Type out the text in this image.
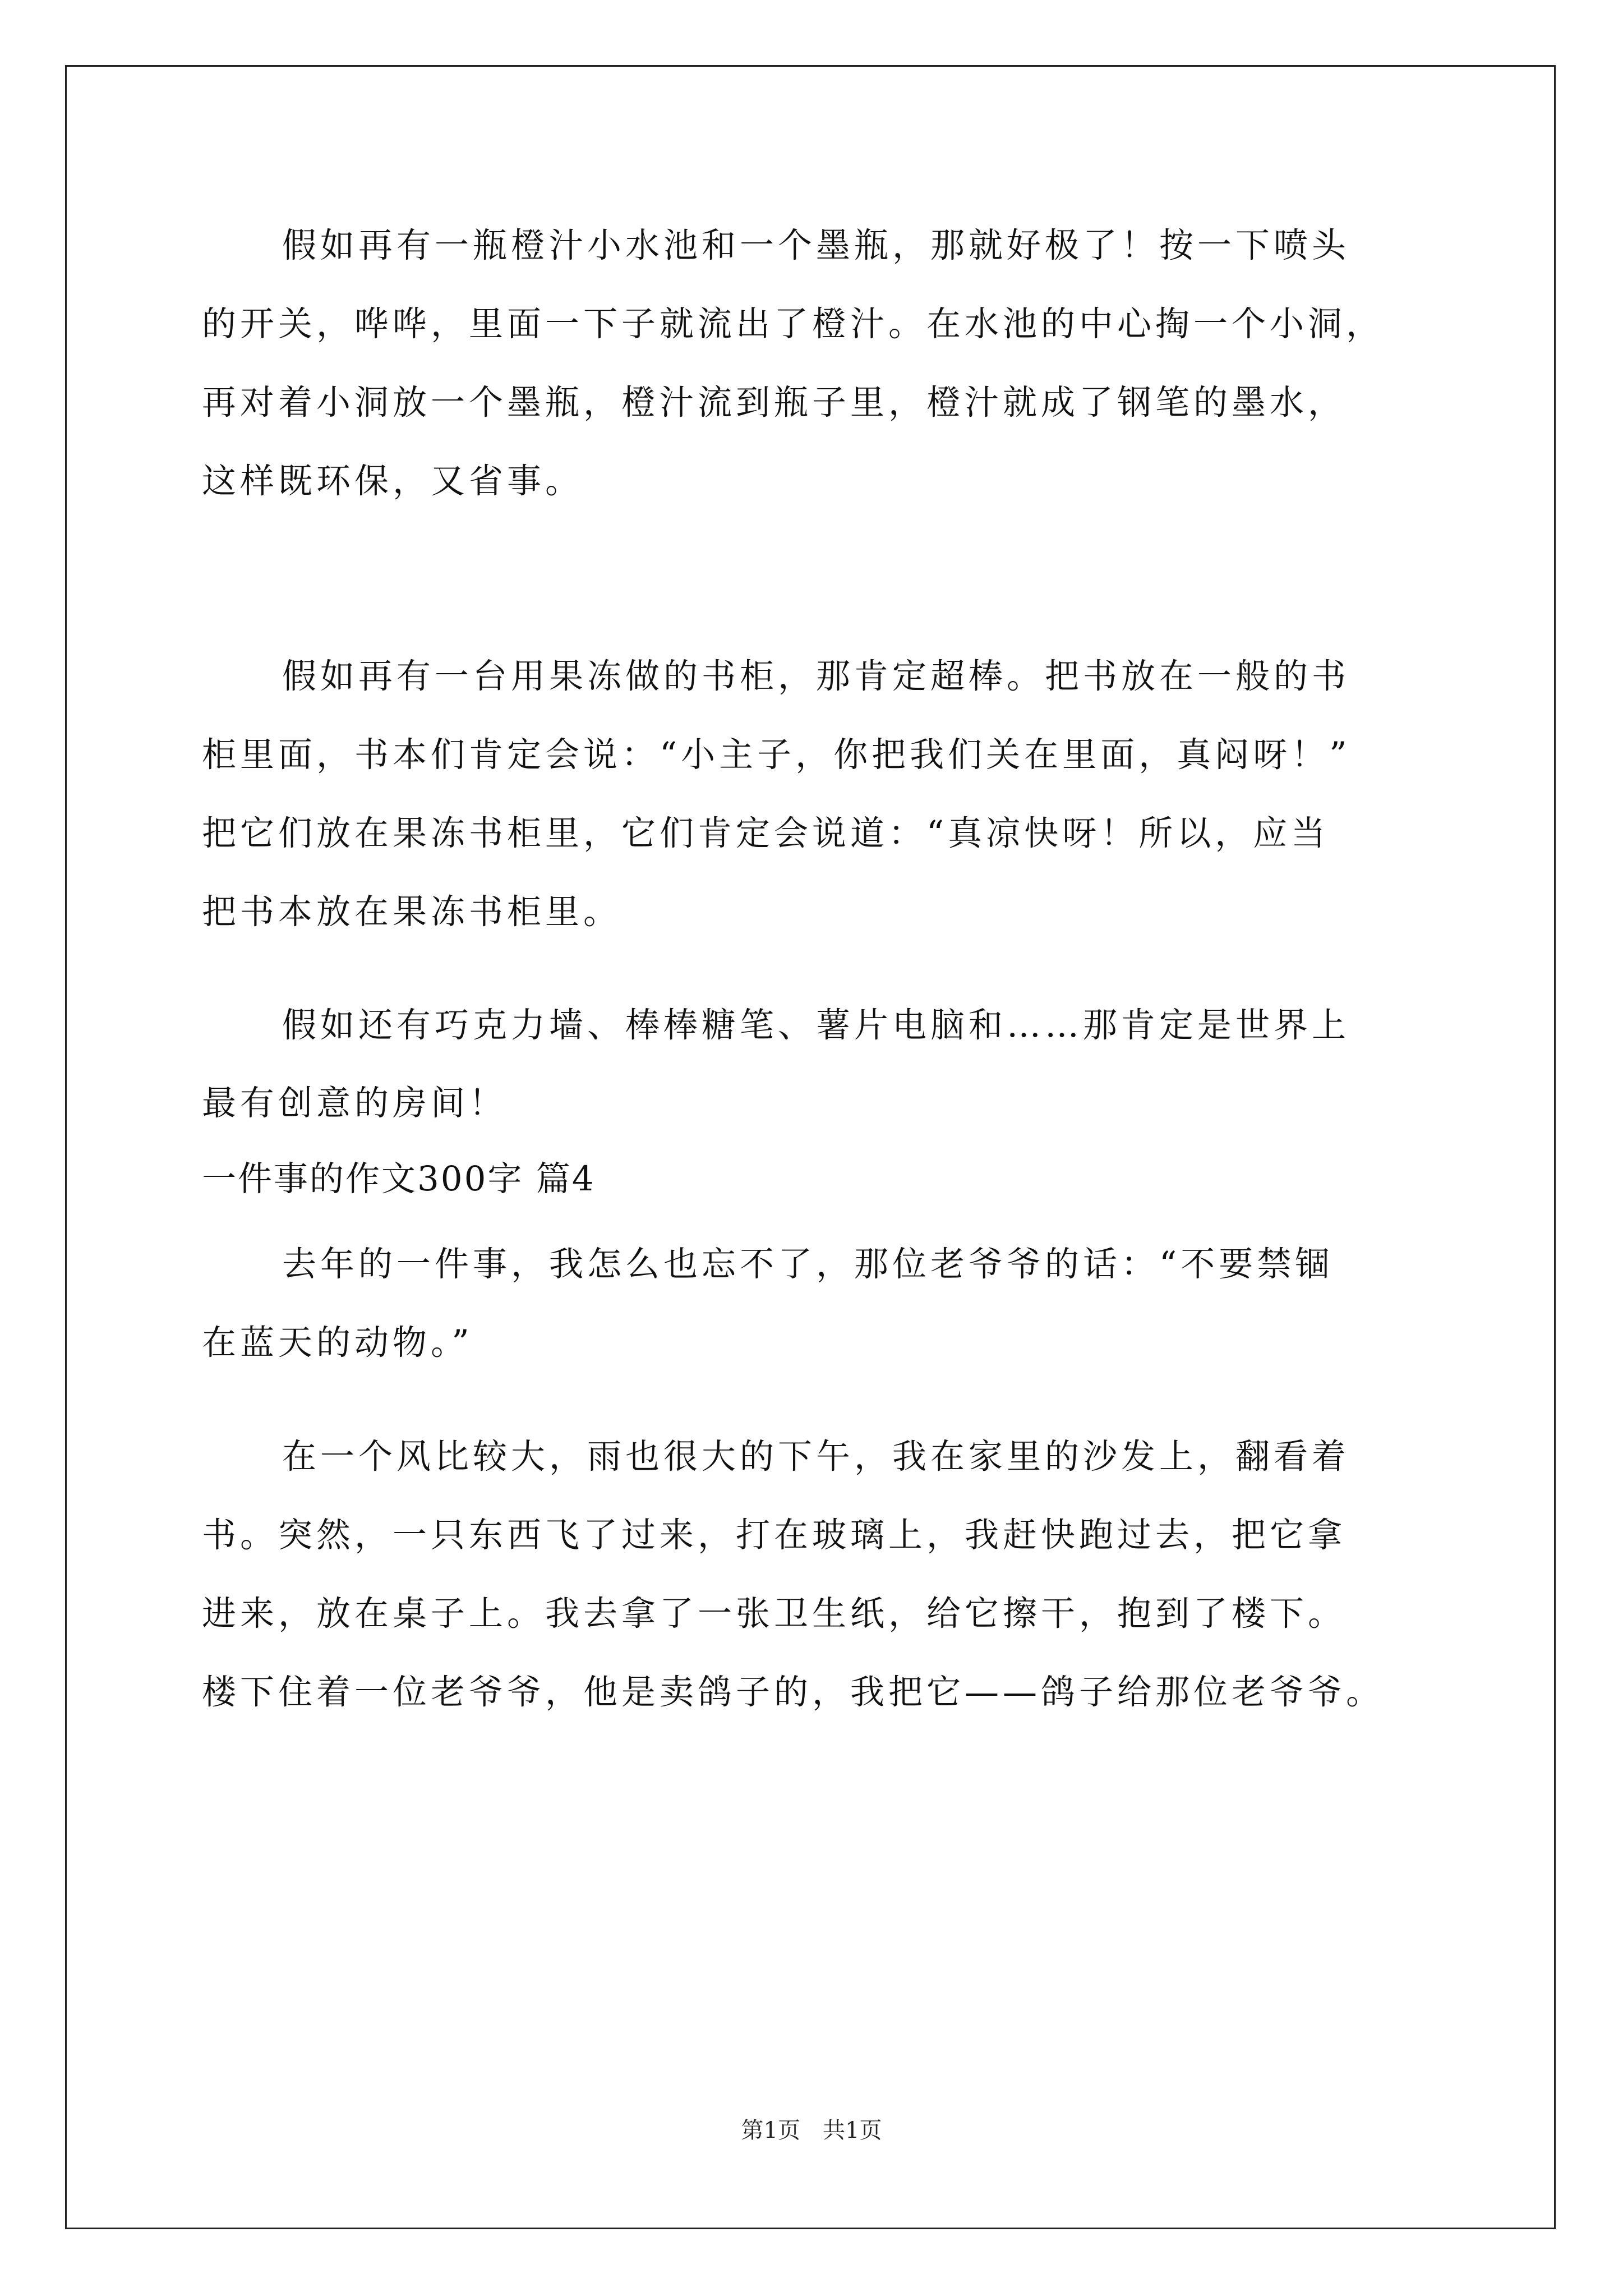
假如再有一瓶橙汁小水池和一个墨瓶，那就好极了！按一下喷头
的开关，哗哗，里面一下子就流出了橙汁。在水池的中心掏一个小洞，
再对着小洞放一个墨瓶，橙汁流到瓶子里，橙汁就成了钢笔的墨水，
这样既环保，又省事。
假如再有一台用果冻做的书柜，那肯定超棒。把书放在一般的书
柜里面，书本们肯定会说：“小主子，你把我们关在里面，真闷呀！”
把它们放在果冻书柜里，它们肯定会说道：“真凉快呀！所以，应当
把书本放在果冻书柜里。
假如还有巧克力墙、棒棒糖笔、薯片电脑和……那肯定是世界上
最有创意的房间！
一件事的作文300字 篇4
去年的一件事，我怎么也忘不了，那位老爷爷的话：“不要禁锢
在蓝天的动物。”
在一个风比较大，雨也很大的下午，我在家里的沙发上，翻看着
书。突然，一只东西飞了过来，打在玻璃上，我赶快跑过去，把它拿
进来，放在桌子上。我去拿了一张卫生纸，给它擦干，抱到了楼下。
楼下住着一位老爷爷，他是卖鸽子的，我把它——鸽子给那位老爷爷。
第1页 共1页
